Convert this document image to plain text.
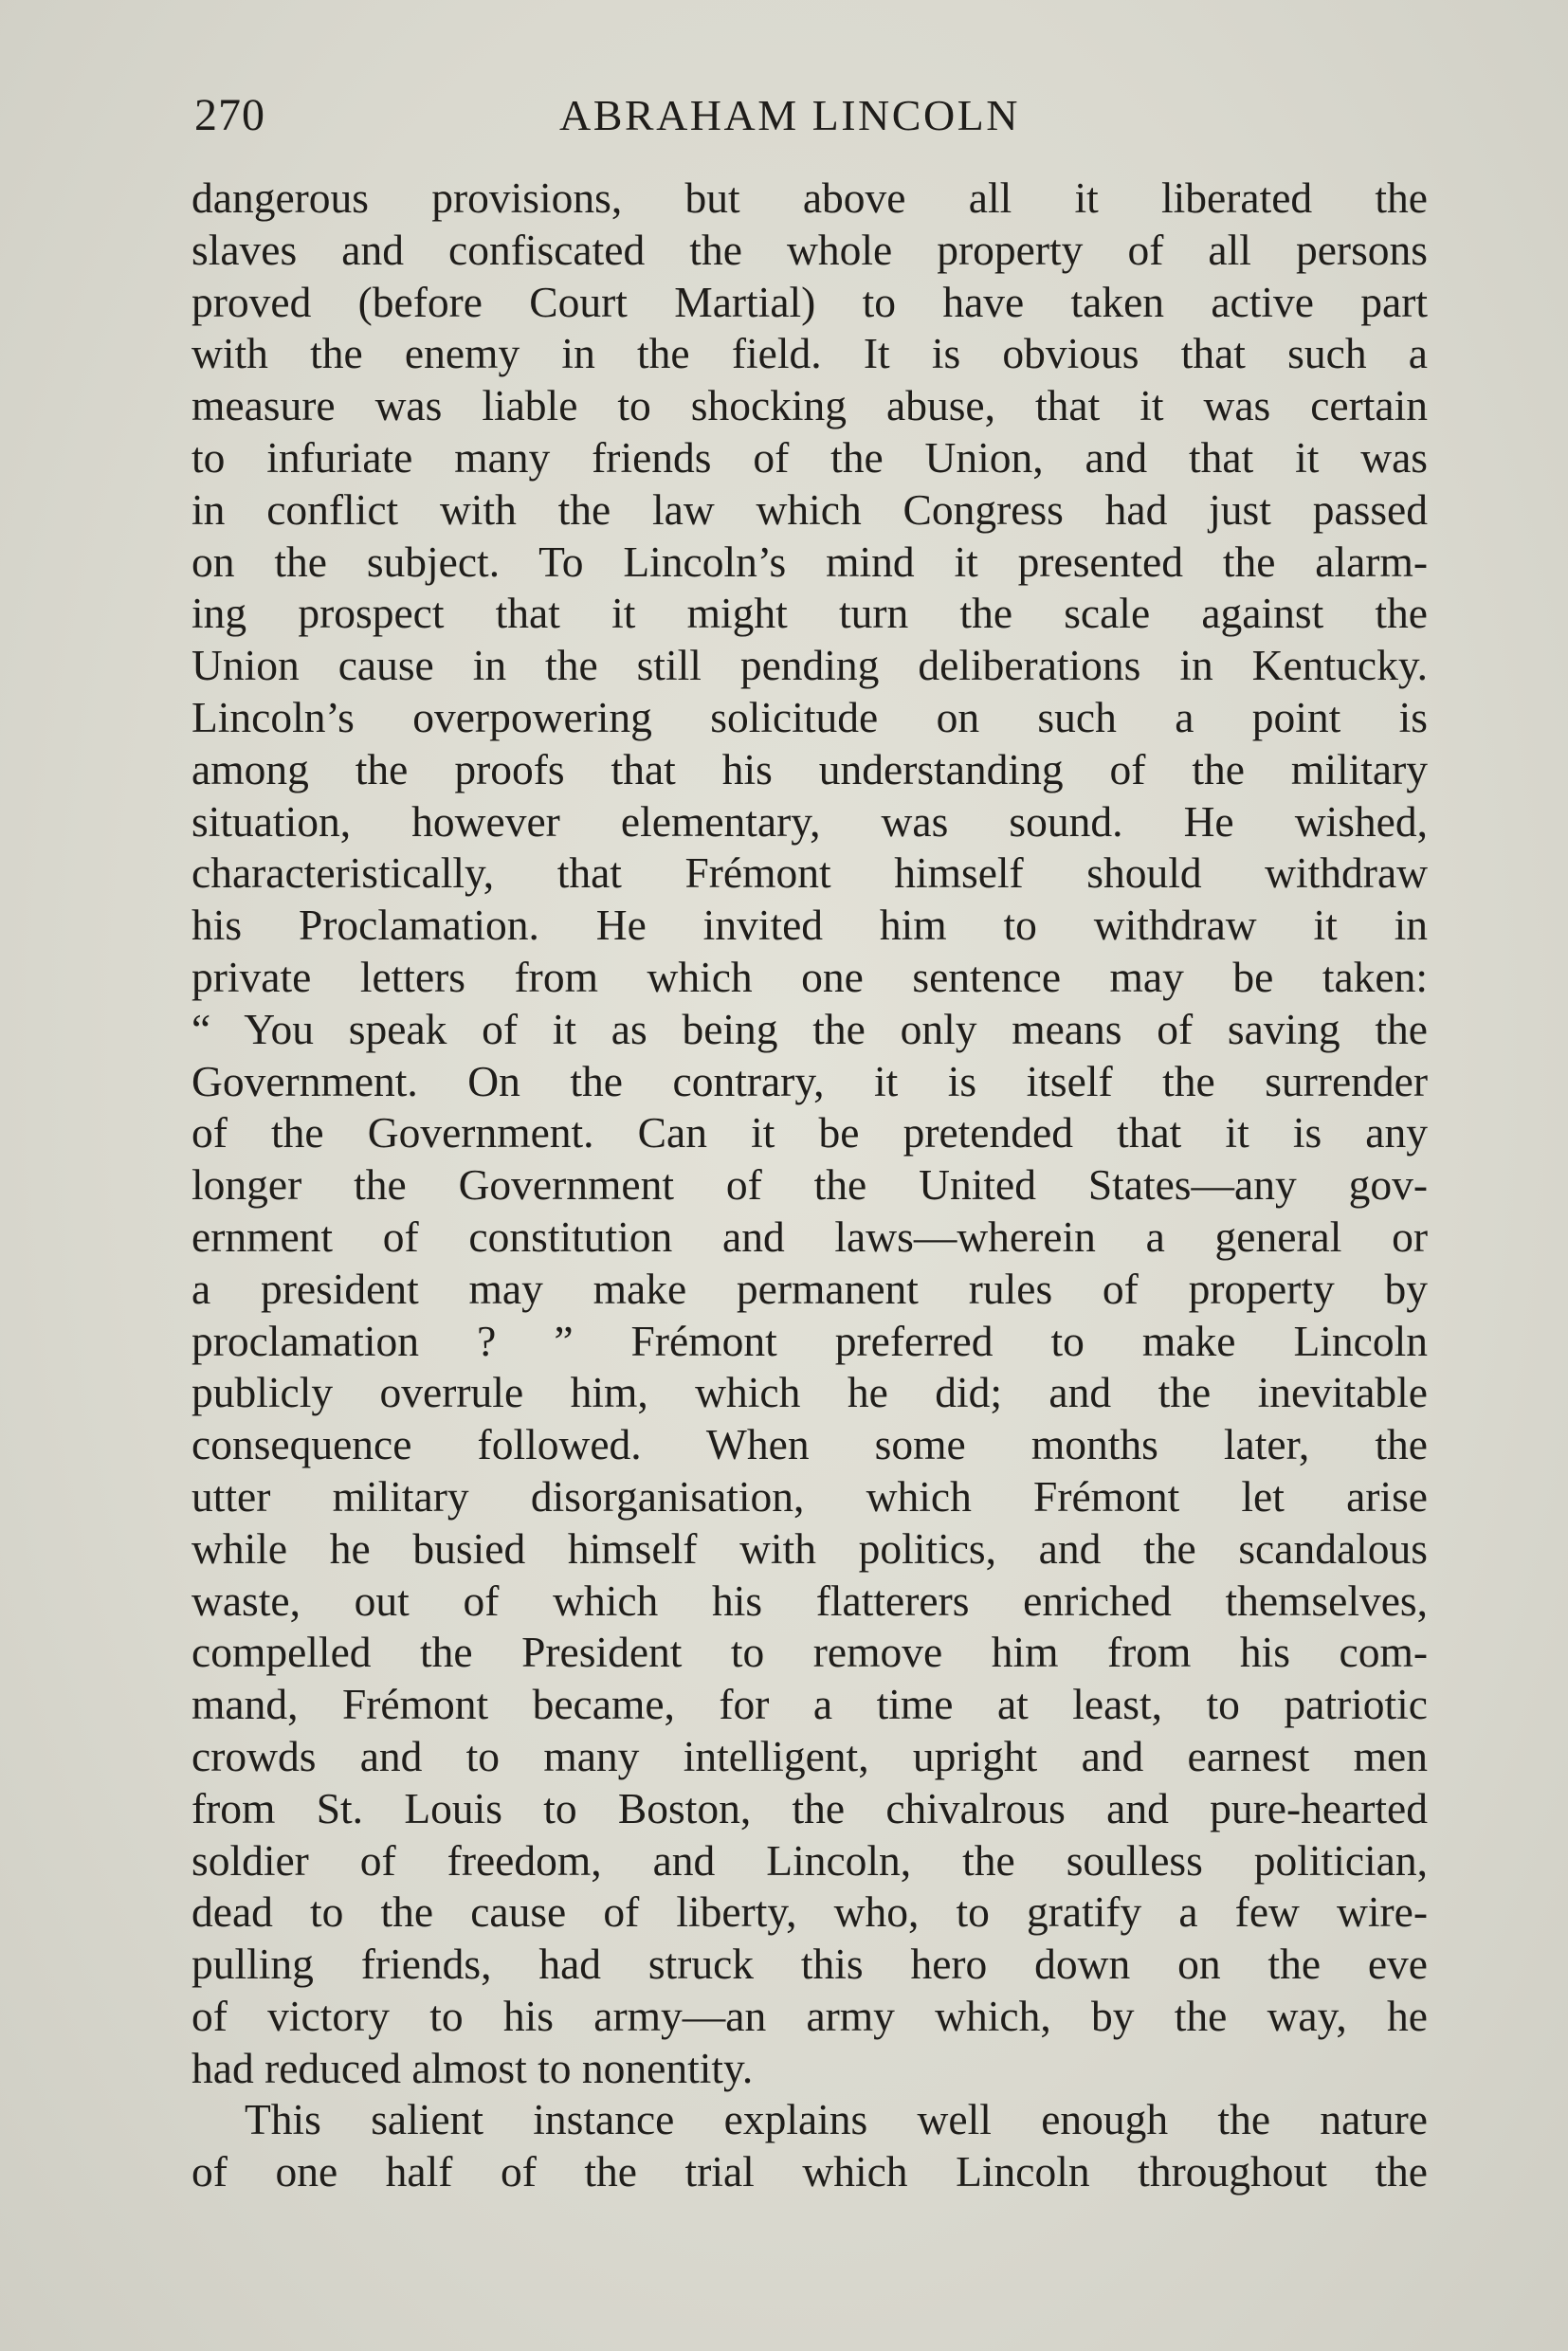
270	ABRAHAM LINCOLN
dangerous provisions, but above all it liberated the
slaves and confiscated the whole property of all persons
proved (before Court Martial) to have taken active part
with the enemy in the field. It is obvious that such a
measure was liable to shocking abuse, that it was certain
to infuriate many friends of the Union, and that it was
in conflict with the law which Congress had just passed
on the subject. To Lincoln’s mind it presented the alarm-
ing prospect that it might turn the scale against the
Union cause in the still pending deliberations in Kentucky.
Lincoln’s overpowering solicitude on such a point is
among the proofs that his understanding of the military
situation, however elementary, was sound. He wished,
characteristically, that Frémont himself should withdraw
his Proclamation. He invited him to withdraw it in
private letters from which one sentence may be taken:
“ You speak of it as being the only means of saving the
Government. On the contrary, it is itself the surrender
of the Government. Can it be pretended that it is any
longer the Government of the United States—any gov-
ernment of constitution and laws—wherein a general or
a president may make permanent rules of property by
proclamation ? ” Frémont preferred to make Lincoln
publicly overrule him, which he did; and the inevitable
consequence followed. When some months later, the
utter military disorganisation, which Frémont let arise
while he busied himself with politics, and the scandalous
waste, out of which his flatterers enriched themselves,
compelled the President to remove him from his com-
mand, Frémont became, for a time at least, to patriotic
crowds and to many intelligent, upright and earnest men
from St. Louis to Boston, the chivalrous and pure-hearted
soldier of freedom, and Lincoln, the soulless politician,
dead to the cause of liberty, who, to gratify a few wire-
pulling friends, had struck this hero down on the eve
of victory to his army—an army which, by the way, he
had reduced almost to nonentity.
This salient instance explains well enough the nature
of one half of the trial which Lincoln throughout the
